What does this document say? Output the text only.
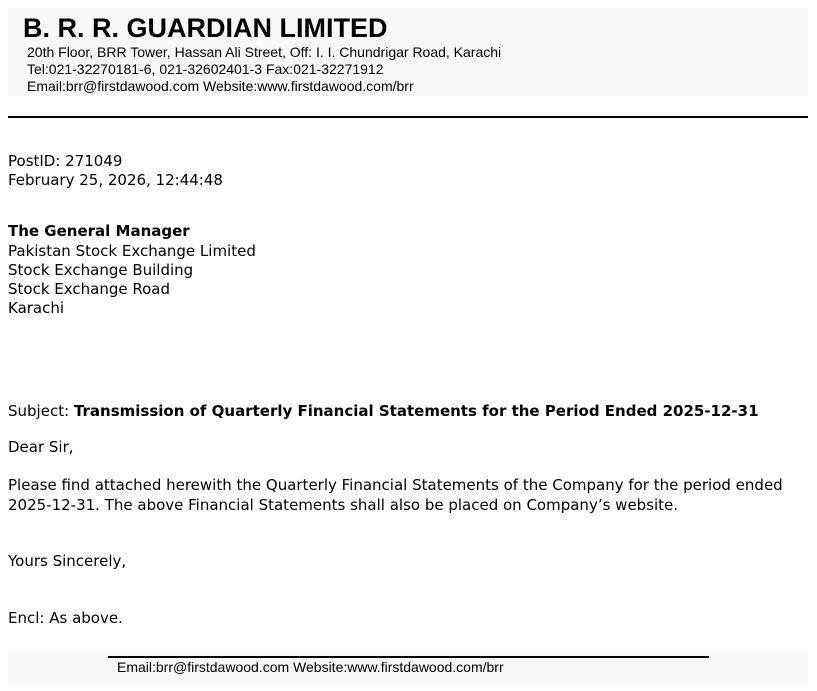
B. R. R. GUARDIAN LIMITED
20th Floor, BRR Tower, Hassan Ali Street, Off: I. I. Chundrigar Road, Karachi
Tel:021-32270181-6, 021-32602401-3 Fax:021-32271912
Email:brr@firstdawood.com Website:www.firstdawood.com/brr
PostID: 271049
February 25, 2026, 12:44:48
The General Manager
Pakistan Stock Exchange Limited
Stock Exchange Building
Stock Exchange Road
Karachi
Subject: Transmission of Quarterly Financial Statements for the Period Ended 2025-12-31
Dear Sir,
Please find attached herewith the Quarterly Financial Statements of the Company for the period ended 2025-12-31. The above Financial Statements shall also be placed on Company’s website.
Yours Sincerely,
Encl: As above.
Email:brr@firstdawood.com Website:www.firstdawood.com/brr
